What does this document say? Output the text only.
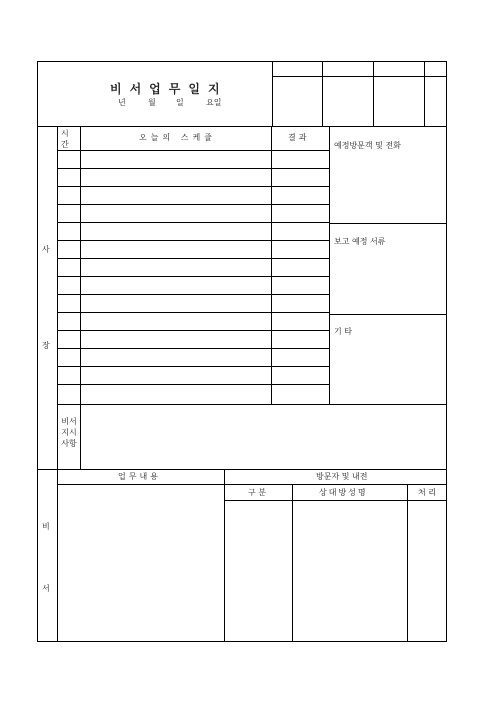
비서업무일지
년	월	일	요일
사
장
시
간
오늘의 스케쥴	결과
예정방문객 및 전화
보고 예정 서류
기 타
비서
지시
사항
비
서
업무내용	방문자 및 내전
구 분	상대방성명	처 리
